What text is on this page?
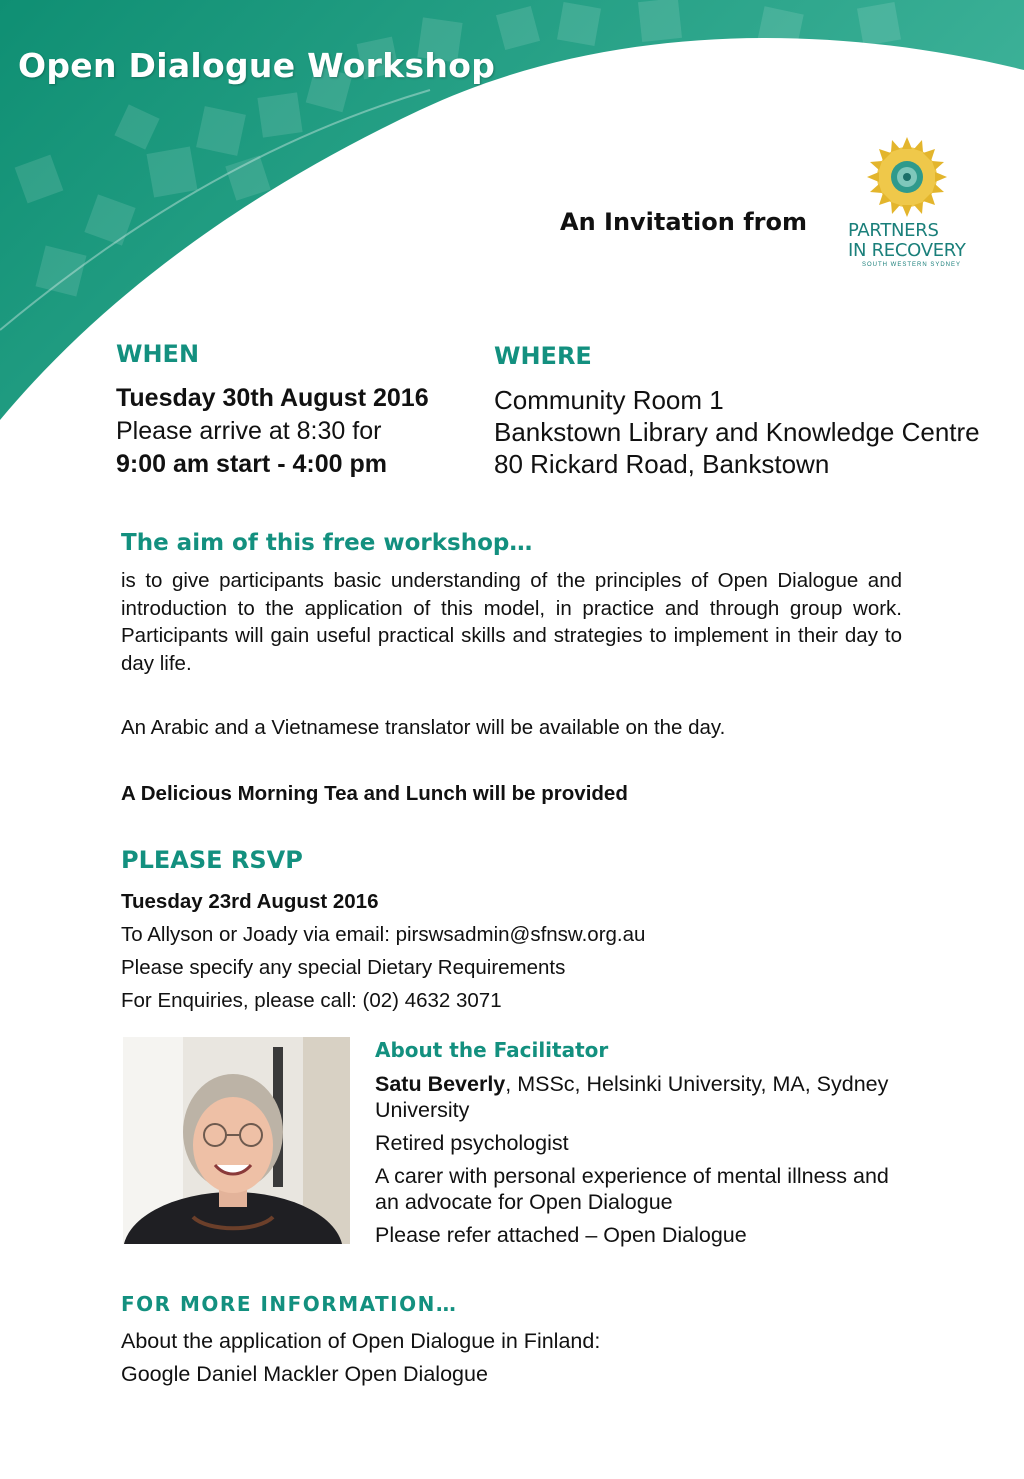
Open Dialogue Workshop
An Invitation from PARTNERS
IN RECOVERY
SOUTH WESTERN SYDNEY
WHEN
Tuesday 30th August 2016
Please arrive at 8:30 for
9:00 am start - 4:00 pm
WHERE
Community Room 1
Bankstown Library and Knowledge Centre
80 Rickard Road, Bankstown
The aim of this free workshop…
is to give participants basic understanding of the principles of Open Dialogue and introduction to the application of this model, in practice and through group work. Participants will gain useful practical skills and strategies to implement in their day to day life.
An Arabic and a Vietnamese translator will be available on the day.
A Delicious Morning Tea and Lunch will be provided
PLEASE RSVP
Tuesday 23rd August 2016
To Allyson or Joady via email: pirswsadmin@sfnsw.org.au
Please specify any special Dietary Requirements
For Enquiries, please call: (02) 4632 3071
About the Facilitator

Satu Beverly, MSSc, Helsinki University, MA, Sydney University

Retired psychologist

A carer with personal experience of mental illness and an advocate for Open Dialogue

Please refer attached – Open Dialogue

FOR MORE INFORMATION…
About the application of Open Dialogue in Finland:
Google Daniel Mackler Open Dialogue
